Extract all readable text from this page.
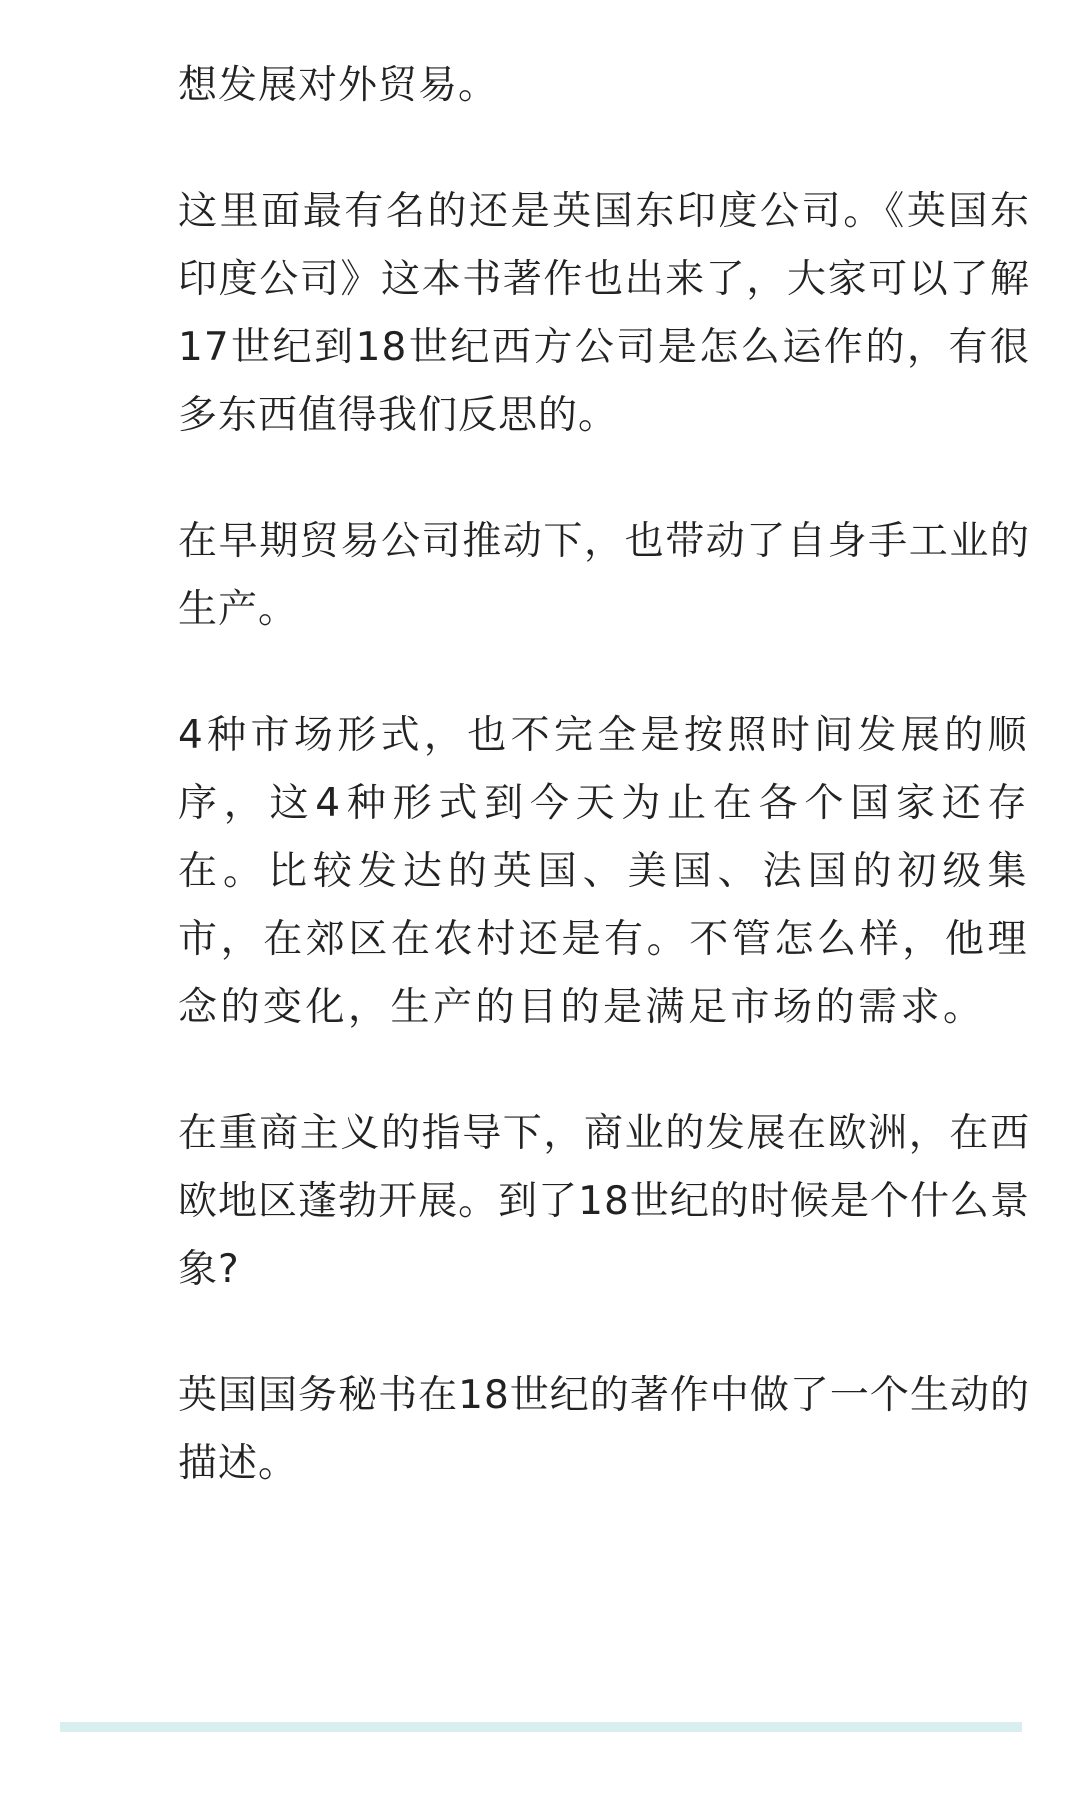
想发展对外贸易。

这里面最有名的还是英国东印度公司。《英国东印度公司》这本书著作也出来了，大家可以了解17世纪到18世纪西方公司是怎么运作的，有很多东西值得我们反思的。

在早期贸易公司推动下，也带动了自身手工业的生产。

4种市场形式，也不完全是按照时间发展的顺序，这4种形式到今天为止在各个国家还存在。比较发达的英国、美国、法国的初级集市，在郊区在农村还是有。不管怎么样，他理念的变化，生产的目的是满足市场的需求。

在重商主义的指导下，商业的发展在欧洲，在西欧地区蓬勃开展。到了18世纪的时候是个什么景象?

英国国务秘书在18世纪的著作中做了一个生动的描述。
